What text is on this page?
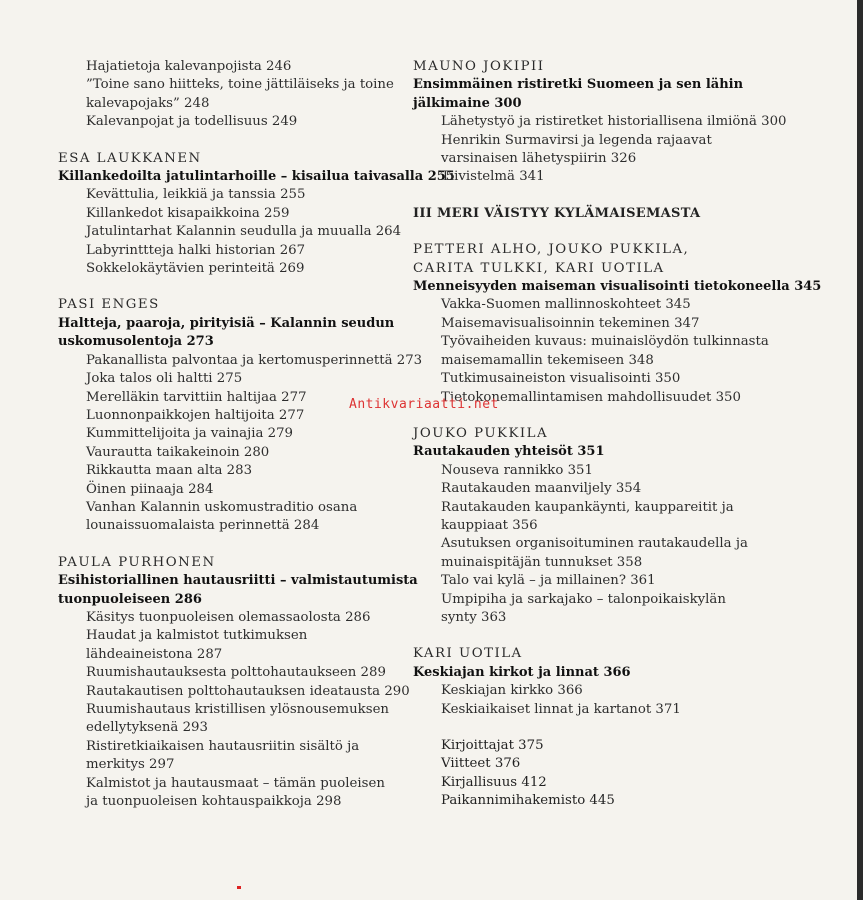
Hajatietoja kalevanpojista 246
”Toine sano hiitteks, toine jättiläiseks ja toine
kalevapojaks” 248
Kalevanpojat ja todellisuus 249
ESA LAUKKANEN
Killankedoilta jatulintarhoille – kisailua taivasalla 255
Kevättulia, leikkiä ja tanssia 255
Killankedot kisapaikkoina 259
Jatulintarhat Kalannin seudulla ja muualla 264
Labyrinttteja halki historian 267
Sokkelokäytävien perinteitä 269
PASI ENGES
Haltteja, paaroja, pirityisiä – Kalannin seudun
uskomusolentoja 273
Pakanallista palvontaa ja kertomusperinnettä 273
Joka talos oli haltti 275
Merelläkin tarvittiin haltijaa 277
Luonnonpaikkojen haltijoita 277
Kummittelijoita ja vainajia 279
Vaurautta taikakeinoin 280
Rikkautta maan alta 283
Öinen piinaaja 284
Vanhan Kalannin uskomustraditio osana
lounaissuomalaista perinnettä 284
PAULA PURHONEN
Esihistoriallinen hautausriitti – valmistautumista
tuonpuoleiseen 286
Käsitys tuonpuoleisen olemassaolosta 286
Haudat ja kalmistot tutkimuksen
lähdeaineistona 287
Ruumishautauksesta polttohautaukseen 289
Rautakautisen polttohautauksen ideatausta 290
Ruumishautaus kristillisen ylösnousemuksen
edellytyksenä 293
Ristiretkiaikaisen hautausriitin sisältö ja
merkitys 297
Kalmistot ja hautausmaat – tämän puoleisen
ja tuonpuoleisen kohtauspaikkoja 298
MAUNO JOKIPII
Ensimmäinen ristiretki Suomeen ja sen lähin
jälkimaine 300
Lähetystyö ja ristiretket historiallisena ilmiönä 300
Henrikin Surmavirsi ja legenda rajaavat
varsinaisen lähetyspiirin 326
Tiivistelmä 341
III MERI VÄISTYY KYLÄMAISEMASTA
PETTERI ALHO, JOUKO PUKKILA,
CARITA TULKKI, KARI UOTILA
Menneisyyden maiseman visualisointi tietokoneella 345
Vakka-Suomen mallinnoskohteet 345
Maisemavisualisoinnin tekeminen 347
Työvaiheiden kuvaus: muinaislöydön tulkinnasta
maisemamallin tekemiseen 348
Tutkimusaineiston visualisointi 350
Tietokonemallintamisen mahdollisuudet 350
JOUKO PUKKILA
Rautakauden yhteisöt 351
Nouseva rannikko 351
Rautakauden maanviljely 354
Rautakauden kaupankäynti, kauppareitit ja
kauppiaat 356
Asutuksen organisoituminen rautakaudella ja
muinaispitäjän tunnukset 358
Talo vai kylä – ja millainen? 361
Umpipiha ja sarkajako – talonpoikaiskylän
synty 363
KARI UOTILA
Keskiajan kirkot ja linnat 366
Keskiajan kirkko 366
Keskiaikaiset linnat ja kartanot 371
Kirjoittajat 375
Viitteet 376
Kirjallisuus 412
Paikannimihakemisto 445
Antikvariaatti.net
